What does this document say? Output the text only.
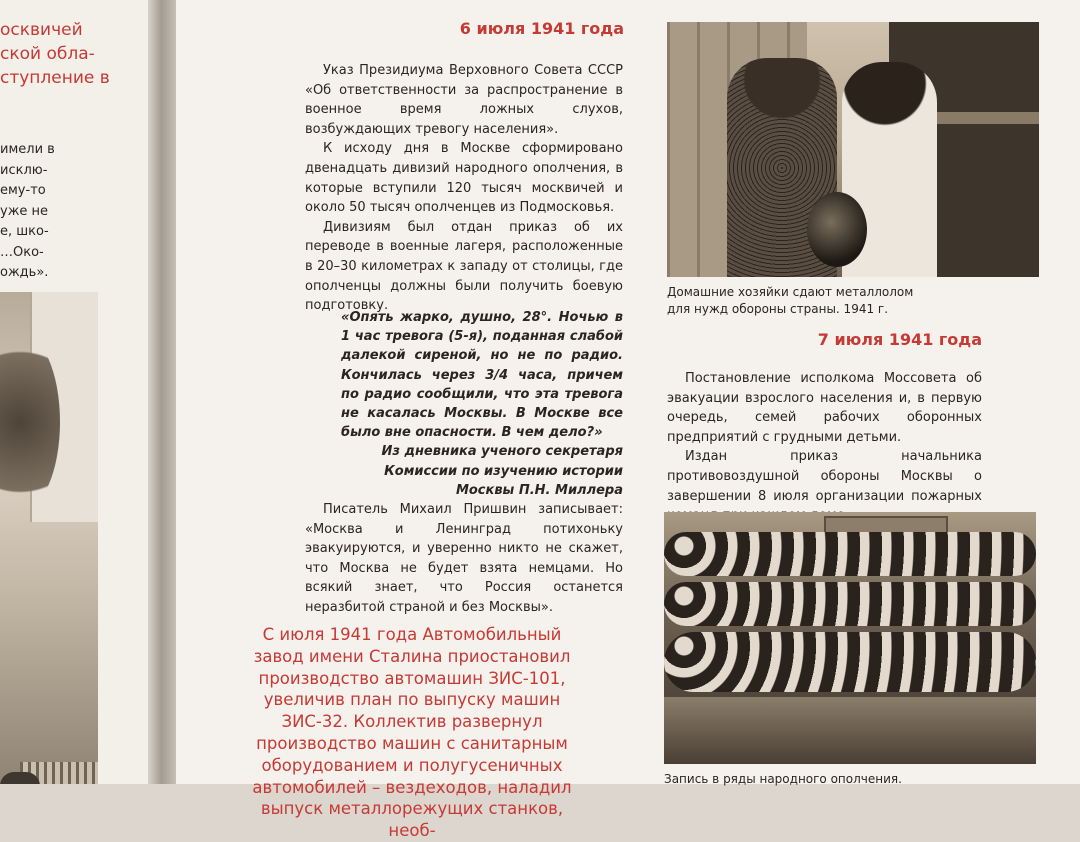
осквичей
ской обла-
ступление в
имели в
исклю-
ему-то
уже не
е, шко-
…Око-
ождь».
6 июля 1941 года

Указ Президиума Верховного Совета СССР «Об ответственности за распространение в военное время ложных слухов, возбуждающих тревогу населения».

К исходу дня в Москве сформировано двенадцать дивизий народного ополчения, в которые вступили 120 тысяч москвичей и около 50 тысяч ополченцев из Подмосковья.

Дивизиям был отдан приказ об их переводе в военные лагеря, расположенные в 20–30 километрах к западу от столицы, где ополченцы должны были получить боевую подготовку.

«Опять жарко, душно, 28°. Ночью в 1 час тревога (5-я), поданная слабой далекой сиреной, но не по радио. Кончилась через 3/4 часа, причем по радио сообщили, что эта тревога не касалась Москвы. В Москве все было вне опасности. В чем дело?»

Из дневника ученого секретаря

Комиссии по изучению истории

Москвы П.Н. Миллера

Писатель Михаил Пришвин записывает: «Москва и Ленинград потихоньку эвакуируются, и уверенно никто не скажет, что Москва не будет взята немцами. Но всякий знает, что Россия останется неразбитой страной и без Москвы».

С июля 1941 года Автомобильный завод имени Сталина приостановил производство автомашин ЗИС-101, увеличив план по выпуску машин ЗИС-32. Коллектив развернул производство машин с санитарным оборудованием и полугусеничных автомобилей – вездеходов, наладил выпуск металлорежущих станков, необ-

Домашние хозяйки сдают металлолом

для нужд обороны страны. 1941 г.

7 июля 1941 года

Постановление исполкома Моссовета об эвакуации взрослого населения и, в первую очередь, семей рабочих оборонных предприятий с грудными детьми.

Издан приказ начальника противовоздушной обороны Москвы о завершении 8 июля организации пожарных

Запись в ряды народного ополчения.
